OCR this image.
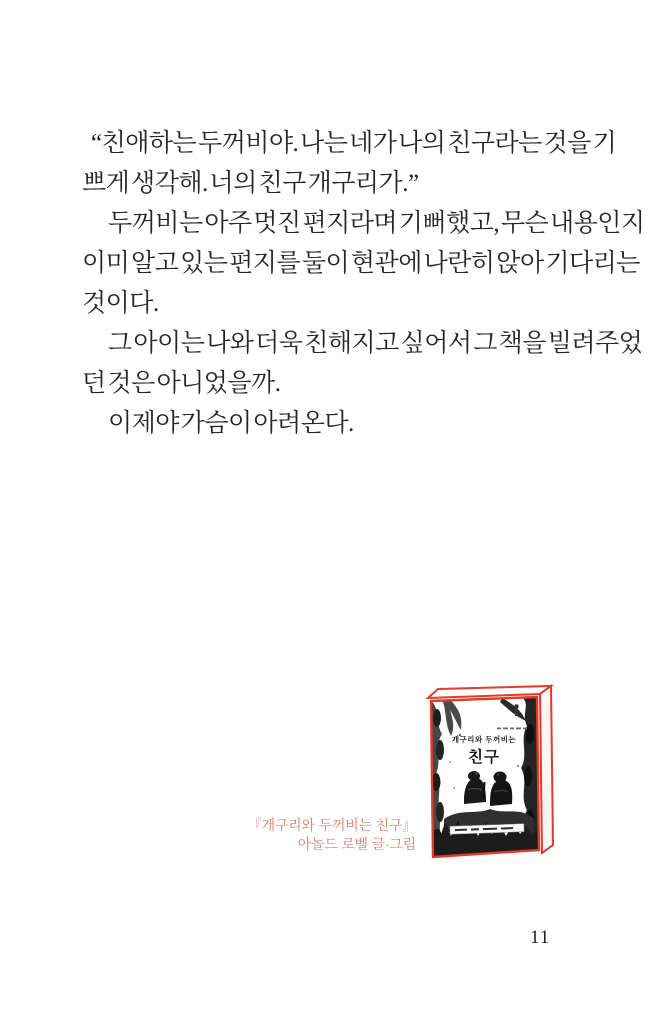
“친애하는 두꺼비야. 나는 네가 나의 친구라는 것을 기
쁘게 생각해. 너의 친구 개구리가.”
두꺼비는 아주 멋진 편지라며 기뻐했고, 무슨 내용인지
이미 알고 있는 편지를 둘이 현관에 나란히 앉아 기다리는
것이다.
그 아이는 나와 더욱 친해지고 싶어서 그 책을 빌려주었
던 것은 아니었을까.
이제야 가슴이 아려온다.
개구리와 두꺼비는
친구
『개구리와 두꺼비는 친구』
아놀드 로벨 글·그림
11
